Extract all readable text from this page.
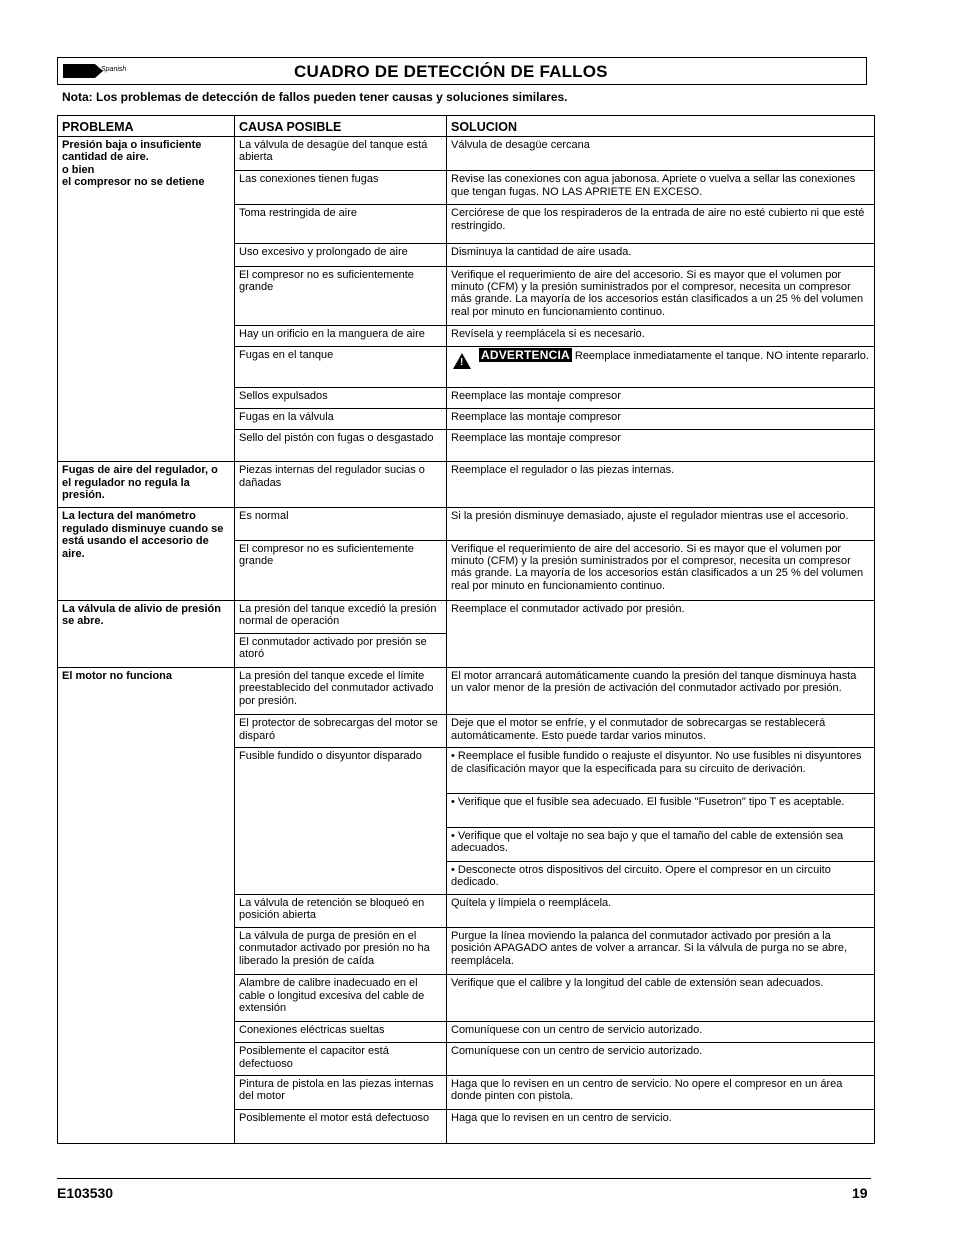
Spanish	CUADRO DE DETECCIÓN DE FALLOS
Nota: Los problemas de detección de fallos pueden tener causas y soluciones similares.
PROBLEMA	CAUSA POSIBLE	SOLUCION

Presión baja o insuficiente
cantidad de aire.
o bien
el compresor no se detiene	La válvula de desagüe del tanque está abierta	Válvula de desagüe cercana
	Las conexiones tienen fugas	Revise las conexiones con agua jabonosa. Apriete o vuelva a sellar las conexiones que tengan fugas. NO LAS APRIETE EN EXCESO.
	Toma restringida de aire	Cerciórese de que los respiraderos de la entrada de aire no esté cubierto ni que esté restringido.
	Uso excesivo y prolongado de aire	Disminuya la cantidad de aire usada.
	El compresor no es suficientemente grande	Verifique el requerimiento de aire del accesorio. Si es mayor que el volumen por minuto (CFM) y la presión suministrados por el compresor, necesita un compresor más grande. La mayoría de los accesorios están clasificados a un 25 % del volumen real por minuto en funcionamiento continuo.
	Hay un orificio en la manguera de aire	Revísela y reemplácela si es necesario.
	Fugas en el tanque	!
ADVERTENCIA Reemplace inmediatamente el tanque. NO intente repararlo.

	Sellos expulsados	Reemplace las montaje compresor
	Fugas en la válvula	Reemplace las montaje compresor
	Sello del pistón con fugas o desgastado	Reemplace las montaje compresor
Fugas de aire del regulador, o el regulador no regula la presión.	Piezas internas del regulador sucias o dañadas	Reemplace el regulador o las piezas internas.
La lectura del manómetro regulado disminuye cuando se está usando el accesorio de aire.	Es normal	Si la presión disminuye demasiado, ajuste el regulador mientras use el accesorio.
	El compresor no es suficientemente grande	Verifique el requerimiento de aire del accesorio. Si es mayor que el volumen por minuto (CFM) y la presión suministrados por el compresor, necesita un compresor más grande. La mayoría de los accesorios están clasificados a un 25 % del volumen real por minuto en funcionamiento continuo.
La válvula de alivio de presión se abre.	La presión del tanque excedió la presión normal de operación	Reemplace el conmutador activado por presión.
	El conmutador activado por presión se atoró	
El motor no funciona	La presión del tanque excede el límite preestablecido del conmutador activado por presión.	El motor arrancará automáticamente cuando la presión del tanque disminuya hasta un valor menor de la presión de activación del conmutador activado por presión.
	El protector de sobrecargas del motor se disparó	Deje que el motor se enfríe, y el conmutador de sobrecargas se restablecerá automáticamente. Esto puede tardar varios minutos.
	Fusible fundido o disyuntor disparado	• Reemplace el fusible fundido o reajuste el disyuntor. No use fusibles ni disyuntores de clasificación mayor que la especificada para su circuito de derivación.
		• Verifique que el fusible sea adecuado. El fusible "Fusetron" tipo T es aceptable.
		• Verifique que el voltaje no sea bajo y que el tamaño del cable de extensión sea adecuados.
		• Desconecte otros dispositivos del circuito. Opere el compresor en un circuito dedicado.
	La válvula de retención se bloqueó en posición abierta	Quítela y límpiela o reemplácela.
	La válvula de purga de presión en el conmutador activado por presión no ha liberado la presión de caída	Purgue la línea moviendo la palanca del conmutador activado por presión a la posición APAGADO antes de volver a arrancar. Si la válvula de purga no se abre, reemplácela.
	Alambre de calibre inadecuado en el cable o longitud excesiva del cable de extensión	Verifique que el calibre y la longitud del cable de extensión sean adecuados.
	Conexiones eléctricas sueltas	Comuníquese con un centro de servicio autorizado.
	Posiblemente el capacitor está defectuoso	Comuníquese con un centro de servicio autorizado.
	Pintura de pistola en las piezas internas del motor	Haga que lo revisen en un centro de servicio. No opere el compresor en un área donde pinten con pistola.
	Posiblemente el motor está defectuoso	Haga que lo revisen en un centro de servicio.
E103530	19
